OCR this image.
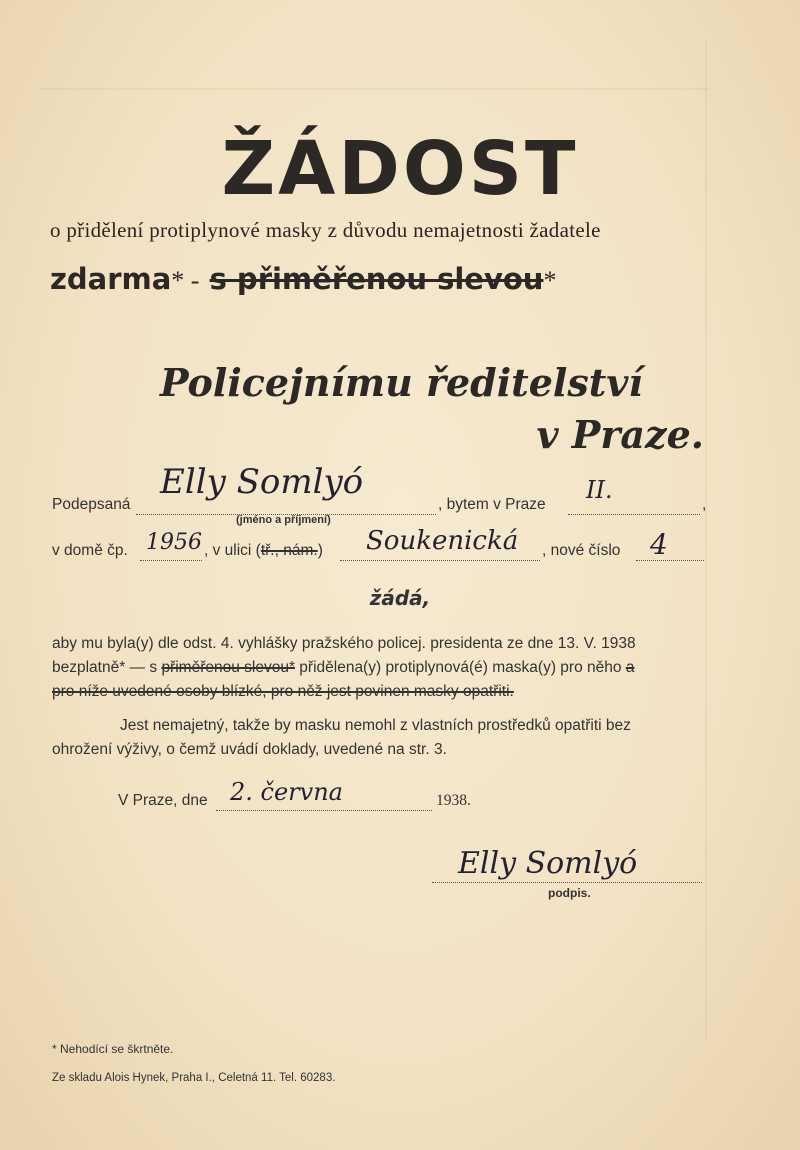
ŽÁDOST
o přidělení protiplynové masky z důvodu nemajetnosti žadatele
zdarma* - s přiměřenou slevou*
Policejnímu ředitelství
v Praze.
Podepsaná
Elly Somlyó
(jméno a příjmení)
, bytem v Praze
II.
,
v domě čp. 1956 , v ulici (tř., nám.) Soukenická , nové číslo 4
žádá,
aby mu byla(y) dle odst. 4. vyhlášky pražského policej. presidenta ze dne 13. V. 1938
bezplatně* — s přiměřenou slevou* přidělena(y) protiplynová(é) maska(y) pro něho a
pro níže uvedené osoby blízké, pro něž jest povinen masky opatřiti.
Jest nemajetný, takže by masku nemohl z vlastních prostředků opatřiti bez
ohrožení výživy, o čemž uvádí doklady, uvedené na str. 3.
V Praze, dne 2. června	1938.
Elly Somlyó
podpis.
* Nehodící se škrtněte.
Ze skladu Alois Hynek, Praha I., Celetná 11. Tel. 60283.
